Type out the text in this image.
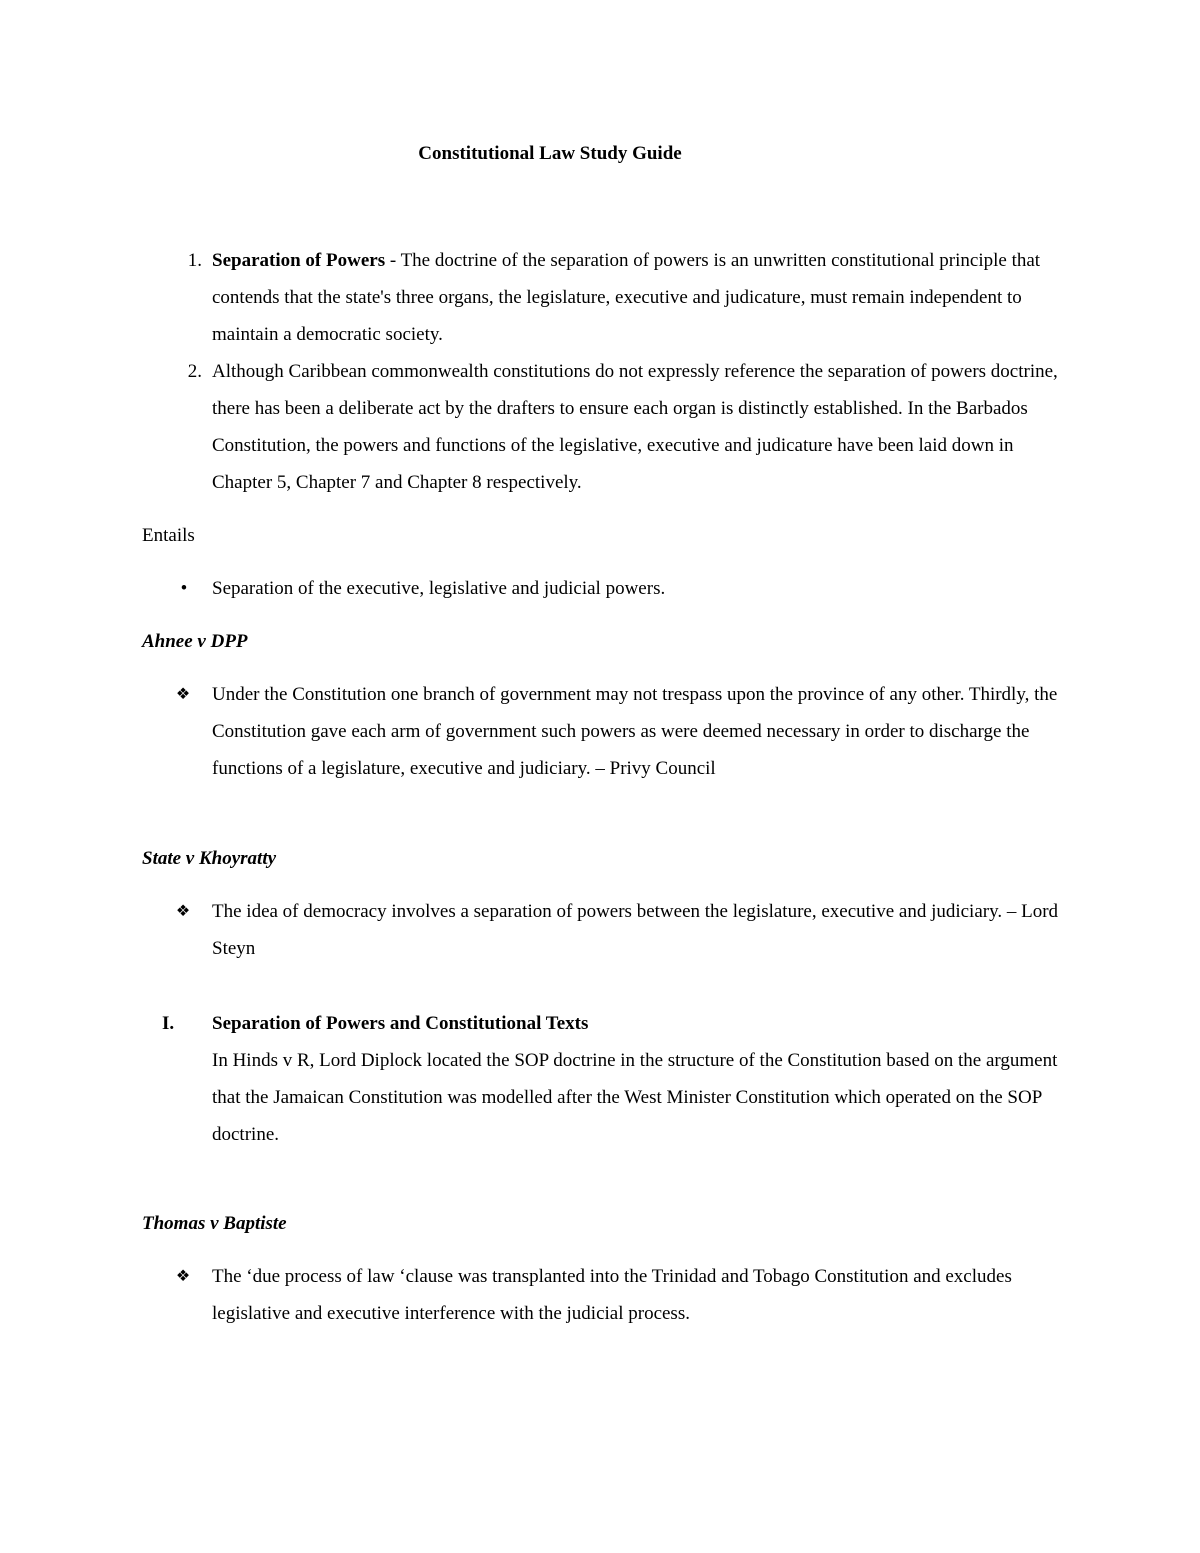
Constitutional Law Study Guide
1. Separation of Powers - The doctrine of the separation of powers is an unwritten constitutional principle that contends that the state's three organs, the legislature, executive and judicature, must remain independent to maintain a democratic society.
2. Although Caribbean commonwealth constitutions do not expressly reference the separation of powers doctrine, there has been a deliberate act by the drafters to ensure each organ is distinctly established. In the Barbados Constitution, the powers and functions of the legislative, executive and judicature have been laid down in Chapter 5, Chapter 7 and Chapter 8 respectively.
Entails
•	Separation of the executive, legislative and judicial powers.
Ahnee v DPP
❖ Under the Constitution one branch of government may not trespass upon the province of any other. Thirdly, the Constitution gave each arm of government such powers as were deemed necessary in order to discharge the functions of a legislature, executive and judiciary. – Privy Council
State v Khoyratty
❖ The idea of democracy involves a separation of powers between the legislature, executive and judiciary. – Lord Steyn
I.	Separation of Powers and Constitutional Texts
In Hinds v R, Lord Diplock located the SOP doctrine in the structure of the Constitution based on the argument that the Jamaican Constitution was modelled after the West Minister Constitution which operated on the SOP doctrine.
Thomas v Baptiste
❖ The ‘due process of law ‘clause was transplanted into the Trinidad and Tobago Constitution and excludes legislative and executive interference with the judicial process.
